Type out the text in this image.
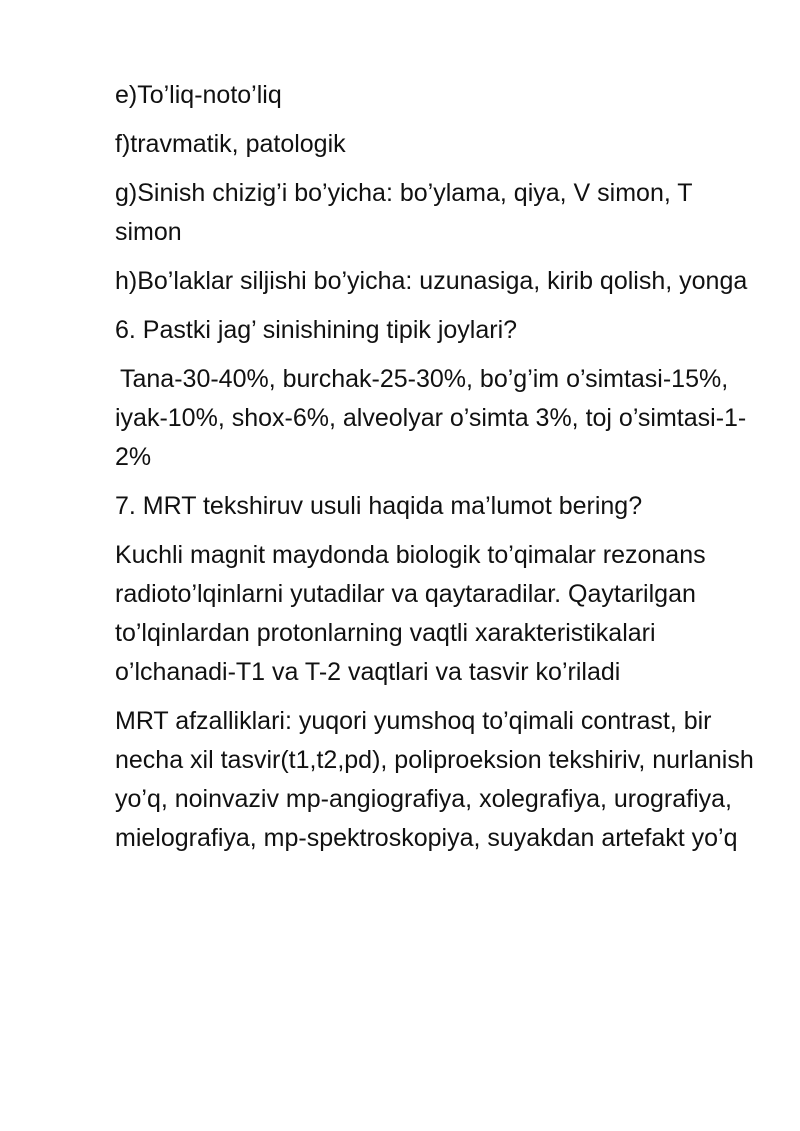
e)To’liq-noto’liq

f)travmatik, patologik

g)Sinish chizig’i bo’yicha: bo’ylama, qiya, V simon, T simon

h)Bo’laklar siljishi bo’yicha: uzunasiga, kirib qolish, yonga

6. Pastki jag’ sinishining tipik joylari?

Tana-30-40%, burchak-25-30%, bo’g’im o’simtasi-15%, iyak-10%, shox-6%, alveolyar o’simta 3%, toj o’simtasi-1-2%

7. MRT tekshiruv usuli haqida ma’lumot bering?

Kuchli magnit maydonda biologik to’qimalar rezonans radioto’lqinlarni yutadilar va qaytaradilar. Qaytarilgan to’lqinlardan protonlarning vaqtli xarakteristikalari o’lchanadi-T1 va T-2 vaqtlari va tasvir ko’riladi

MRT afzalliklari: yuqori yumshoq to’qimali contrast, bir necha xil tasvir(t1,t2,pd), poliproeksion tekshiriv, nurlanish yo’q, noinvaziv mp-angiografiya, xolegrafiya, urografiya, mielografiya, mp-spektroskopiya, suyakdan artefakt yo’q
